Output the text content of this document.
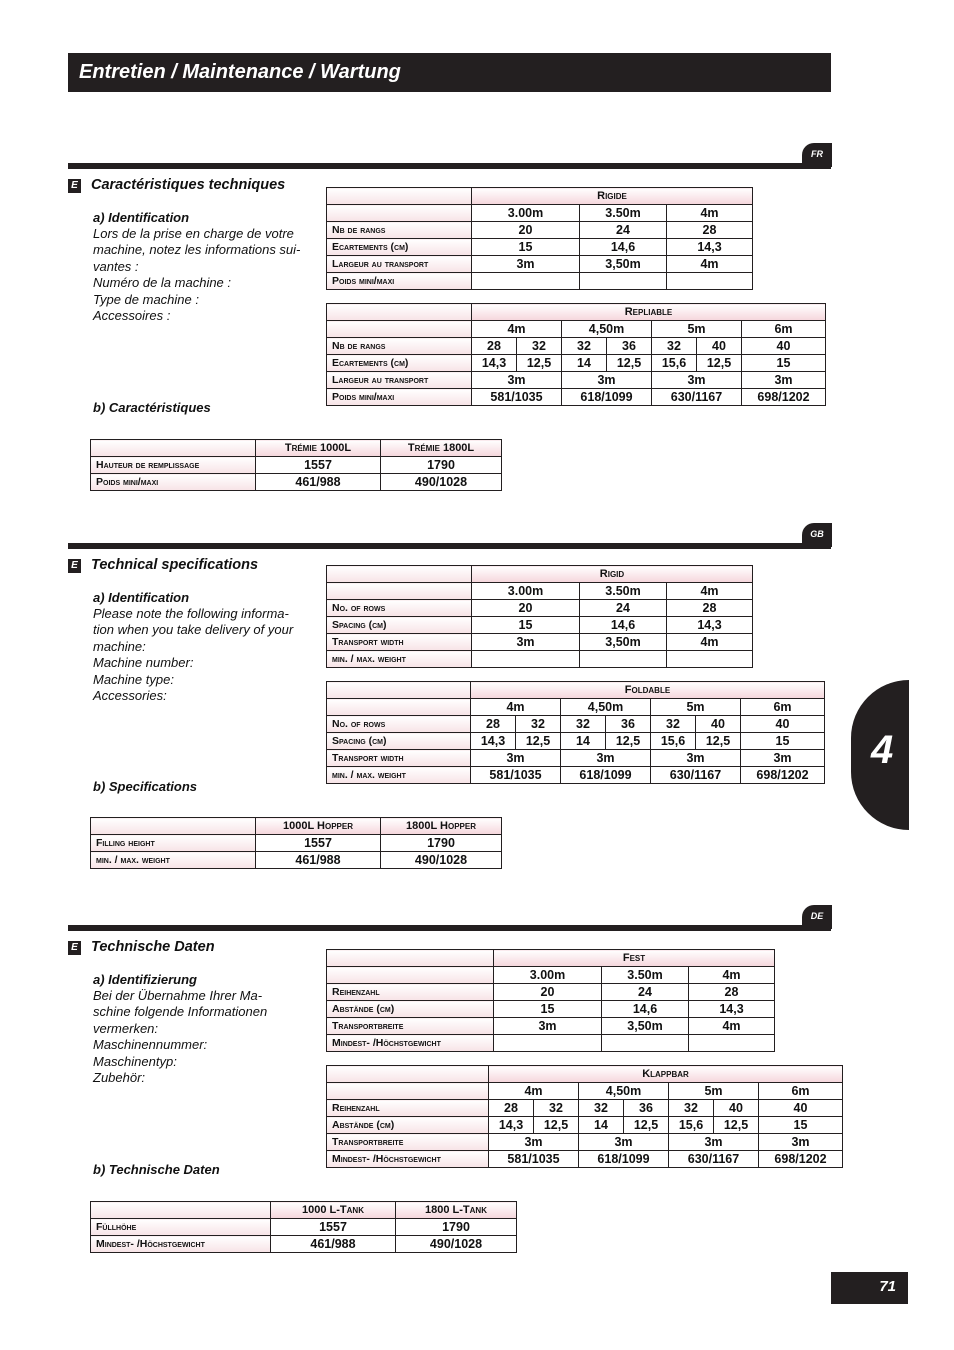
Entretien / Maintenance / Wartung
FR
E Caractéristiques techniques
a) Identification
Lors de la prise en charge de votre
machine, notez les informations sui-
vantes :
Numéro de la machine :
Type de machine :
Accessoires :
b) Caractéristiques
	Rigide		
	3.00m	3.50m	4m
Nb de rangs	20	24	28
Ecartements (cm)	15	14,6	14,3
Largeur au transport	3m	3,50m	4m
Poids mini/maxi			
	Repliable						
	4m		4,50m		5m		6m
Nb de rangs	28	32	32	36	32	40	40
Ecartements (cm)	14,3	12,5	14	12,5	15,6	12,5	15
Largeur au transport	3m		3m		3m		3m
Poids mini/maxi	581/1035		618/1099		630/1167		698/1202
	Trémie 1000L	Trémie 1800L
Hauteur de remplissage	1557	1790
Poids mini/maxi	461/988	490/1028
GB
E Technical specifications
a) Identification
Please note the following informa-
tion when you take delivery of your
machine:
Machine number:
Machine type:
Accessories:
b) Specifications
	Rigid		
	3.00m	3.50m	4m
No. of rows	20	24	28
Spacing (cm)	15	14,6	14,3
Transport width	3m	3,50m	4m
min. / max. weight			
	Foldable						
	4m		4,50m		5m		6m
No. of rows	28	32	32	36	32	40	40
Spacing (cm)	14,3	12,5	14	12,5	15,6	12,5	15
Transport width	3m		3m		3m		3m
min. / max. weight	581/1035		618/1099		630/1167		698/1202
	1000L Hopper	1800L Hopper
Filling height	1557	1790
min. / max. weight	461/988	490/1028
DE
E Technische Daten
a) Identifizierung
Bei der Übernahme Ihrer Ma-
schine folgende Informationen
vermerken:
Maschinennummer:
Maschinentyp:
Zubehör:
b) Technische Daten
	Fest		
	3.00m	3.50m	4m
Reihenzahl	20	24	28
Abstände (cm)	15	14,6	14,3
Transportbreite	3m	3,50m	4m
Mindest- /Höchstgewicht			
	Klappbar						
	4m		4,50m		5m		6m
Reihenzahl	28	32	32	36	32	40	40
Abstände (cm)	14,3	12,5	14	12,5	15,6	12,5	15
Transportbreite	3m		3m		3m		3m
Mindest- /Höchstgewicht	581/1035		618/1099		630/1167		698/1202
	1000 L-Tank	1800 L-Tank
Füllhöhe	1557	1790
Mindest- /Höchstgewicht	461/988	490/1028
4
71
